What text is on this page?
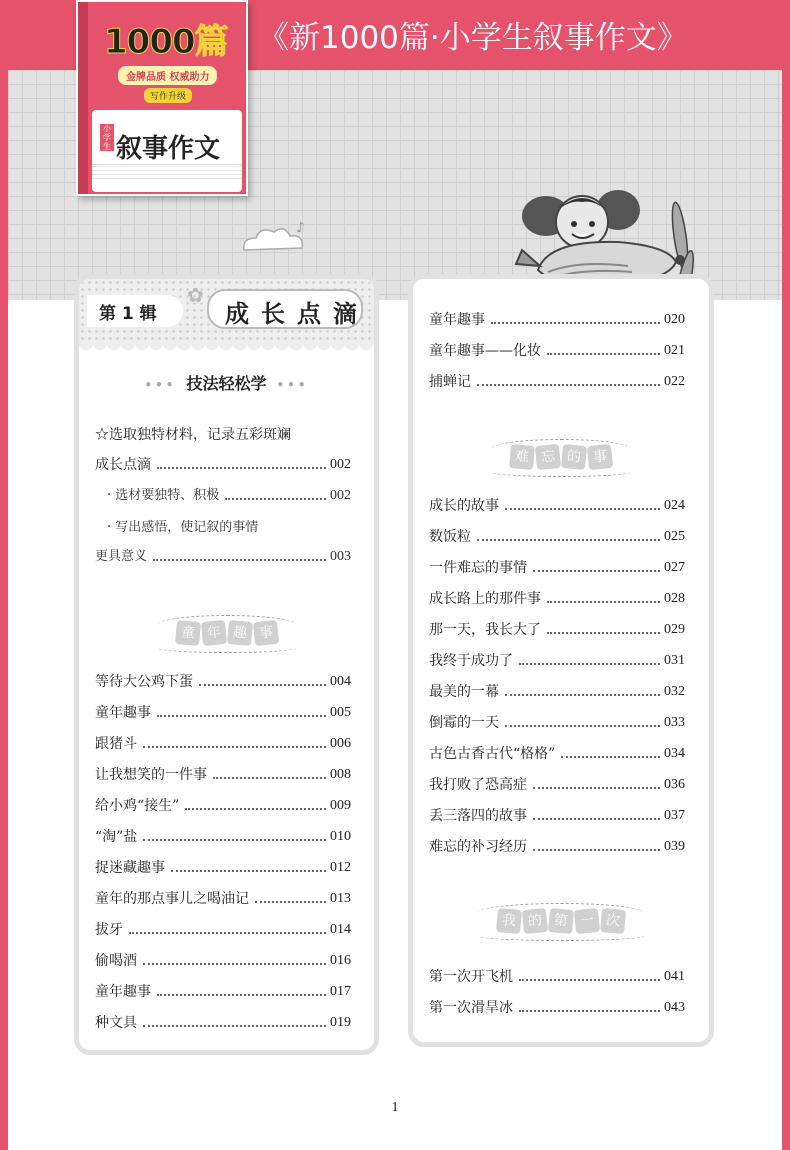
《新1000篇·小学生叙事作文》
♪
1000篇
金牌品质 权威助力
写作升级
小学生 叙事作文
第 1 辑
✿
成长点滴
••• 技法轻松学 •••
☆选取独特材料，记录五彩斑斓
成长点滴	002
· 选材要独特、积极	002
· 写出感悟，使记叙的事情
更具意义	003
童 年 趣 事
等待大公鸡下蛋	004
童年趣事	005
跟猪斗	006
让我想笑的一件事	008
给小鸡“接生”	009
“淘”盐	010
捉迷藏趣事	012
童年的那点事儿之喝油记	013
拔牙	014
偷喝酒	016
童年趣事	017
种文具	019
童年趣事	020
童年趣事——化妆	021
捕蝉记	022
难 忘 的 事
成长的故事	024
数饭粒	025
一件难忘的事情	027
成长路上的那件事	028
那一天，我长大了	029
我终于成功了	031
最美的一幕	032
倒霉的一天	033
古色古香古代“格格”	034
我打败了恐高症	036
丢三落四的故事	037
难忘的补习经历	039
我 的 第 一 次
第一次开飞机	041
第一次滑旱冰	043
1
